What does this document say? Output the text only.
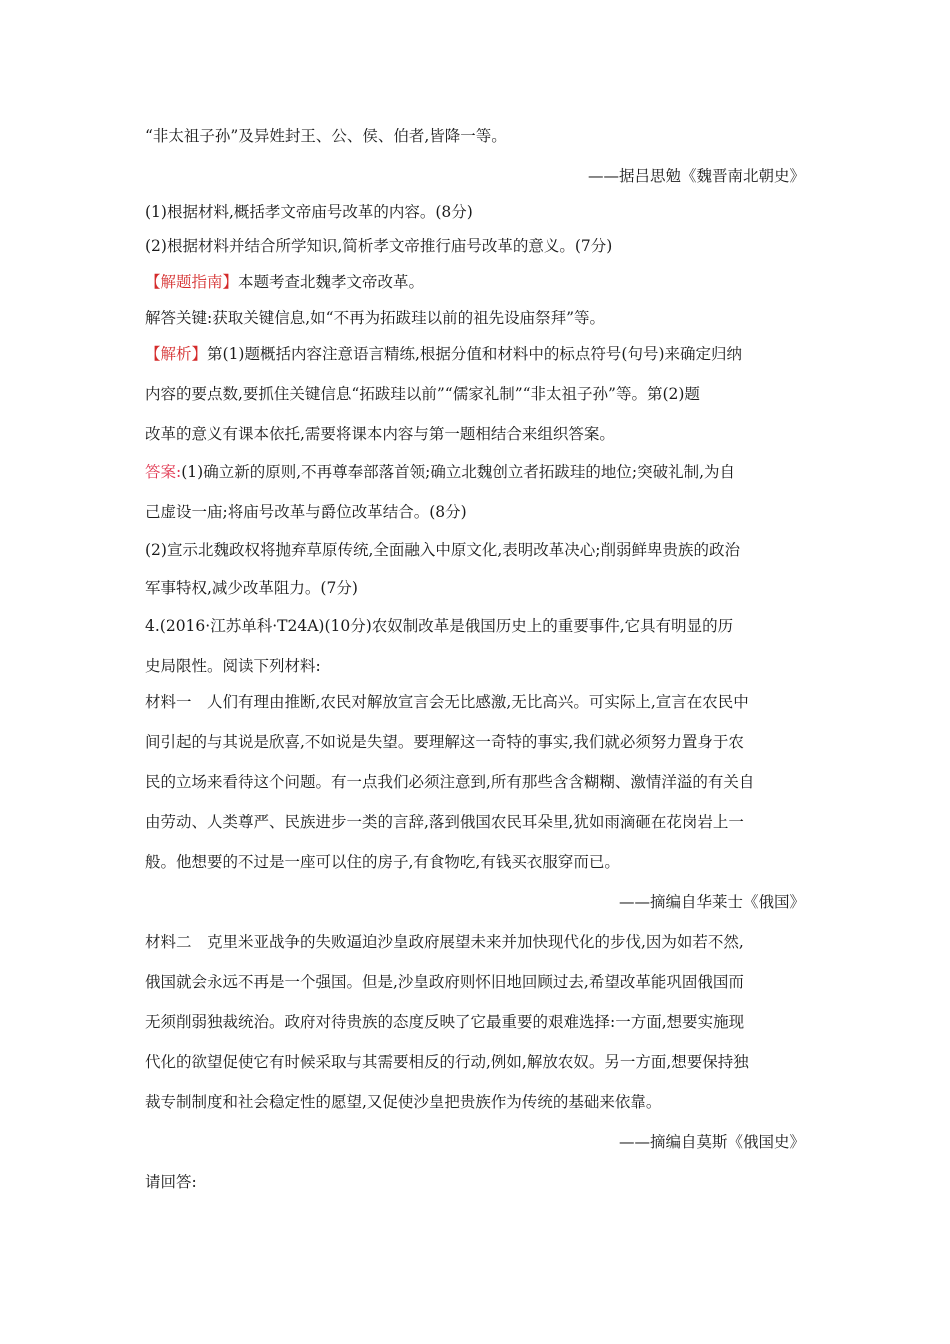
“非太祖子孙”及异姓封王、公、侯、伯者,皆降一等。

——据吕思勉《魏晋南北朝史》

(1)根据材料,概括孝文帝庙号改革的内容。(8分)

(2)根据材料并结合所学知识,简析孝文帝推行庙号改革的意义。(7分)

【解题指南】本题考查北魏孝文帝改革。

解答关键:获取关键信息,如“不再为拓跋珪以前的祖先设庙祭拜”等。

【解析】第(1)题概括内容注意语言精练,根据分值和材料中的标点符号(句号)来确定归纳

内容的要点数,要抓住关键信息“拓跋珪以前”“儒家礼制”“非太祖子孙”等。第(2)题

改革的意义有课本依托,需要将课本内容与第一题相结合来组织答案。

答案:(1)确立新的原则,不再尊奉部落首领;确立北魏创立者拓跋珪的地位;突破礼制,为自

己虚设一庙;将庙号改革与爵位改革结合。(8分)

(2)宣示北魏政权将抛弃草原传统,全面融入中原文化,表明改革决心;削弱鲜卑贵族的政治

军事特权,减少改革阻力。(7分)

4.(2016·江苏单科·T24A)(10分)农奴制改革是俄国历史上的重要事件,它具有明显的历

史局限性。阅读下列材料:

材料一　人们有理由推断,农民对解放宣言会无比感激,无比高兴。可实际上,宣言在农民中

间引起的与其说是欣喜,不如说是失望。要理解这一奇特的事实,我们就必须努力置身于农

民的立场来看待这个问题。有一点我们必须注意到,所有那些含含糊糊、激情洋溢的有关自

由劳动、人类尊严、民族进步一类的言辞,落到俄国农民耳朵里,犹如雨滴砸在花岗岩上一

般。他想要的不过是一座可以住的房子,有食物吃,有钱买衣服穿而已。

——摘编自华莱士《俄国》

材料二　克里米亚战争的失败逼迫沙皇政府展望未来并加快现代化的步伐,因为如若不然,

俄国就会永远不再是一个强国。但是,沙皇政府则怀旧地回顾过去,希望改革能巩固俄国而

无须削弱独裁统治。政府对待贵族的态度反映了它最重要的艰难选择:一方面,想要实施现

代化的欲望促使它有时候采取与其需要相反的行动,例如,解放农奴。另一方面,想要保持独

裁专制制度和社会稳定性的愿望,又促使沙皇把贵族作为传统的基础来依靠。

——摘编自莫斯《俄国史》

请回答:
